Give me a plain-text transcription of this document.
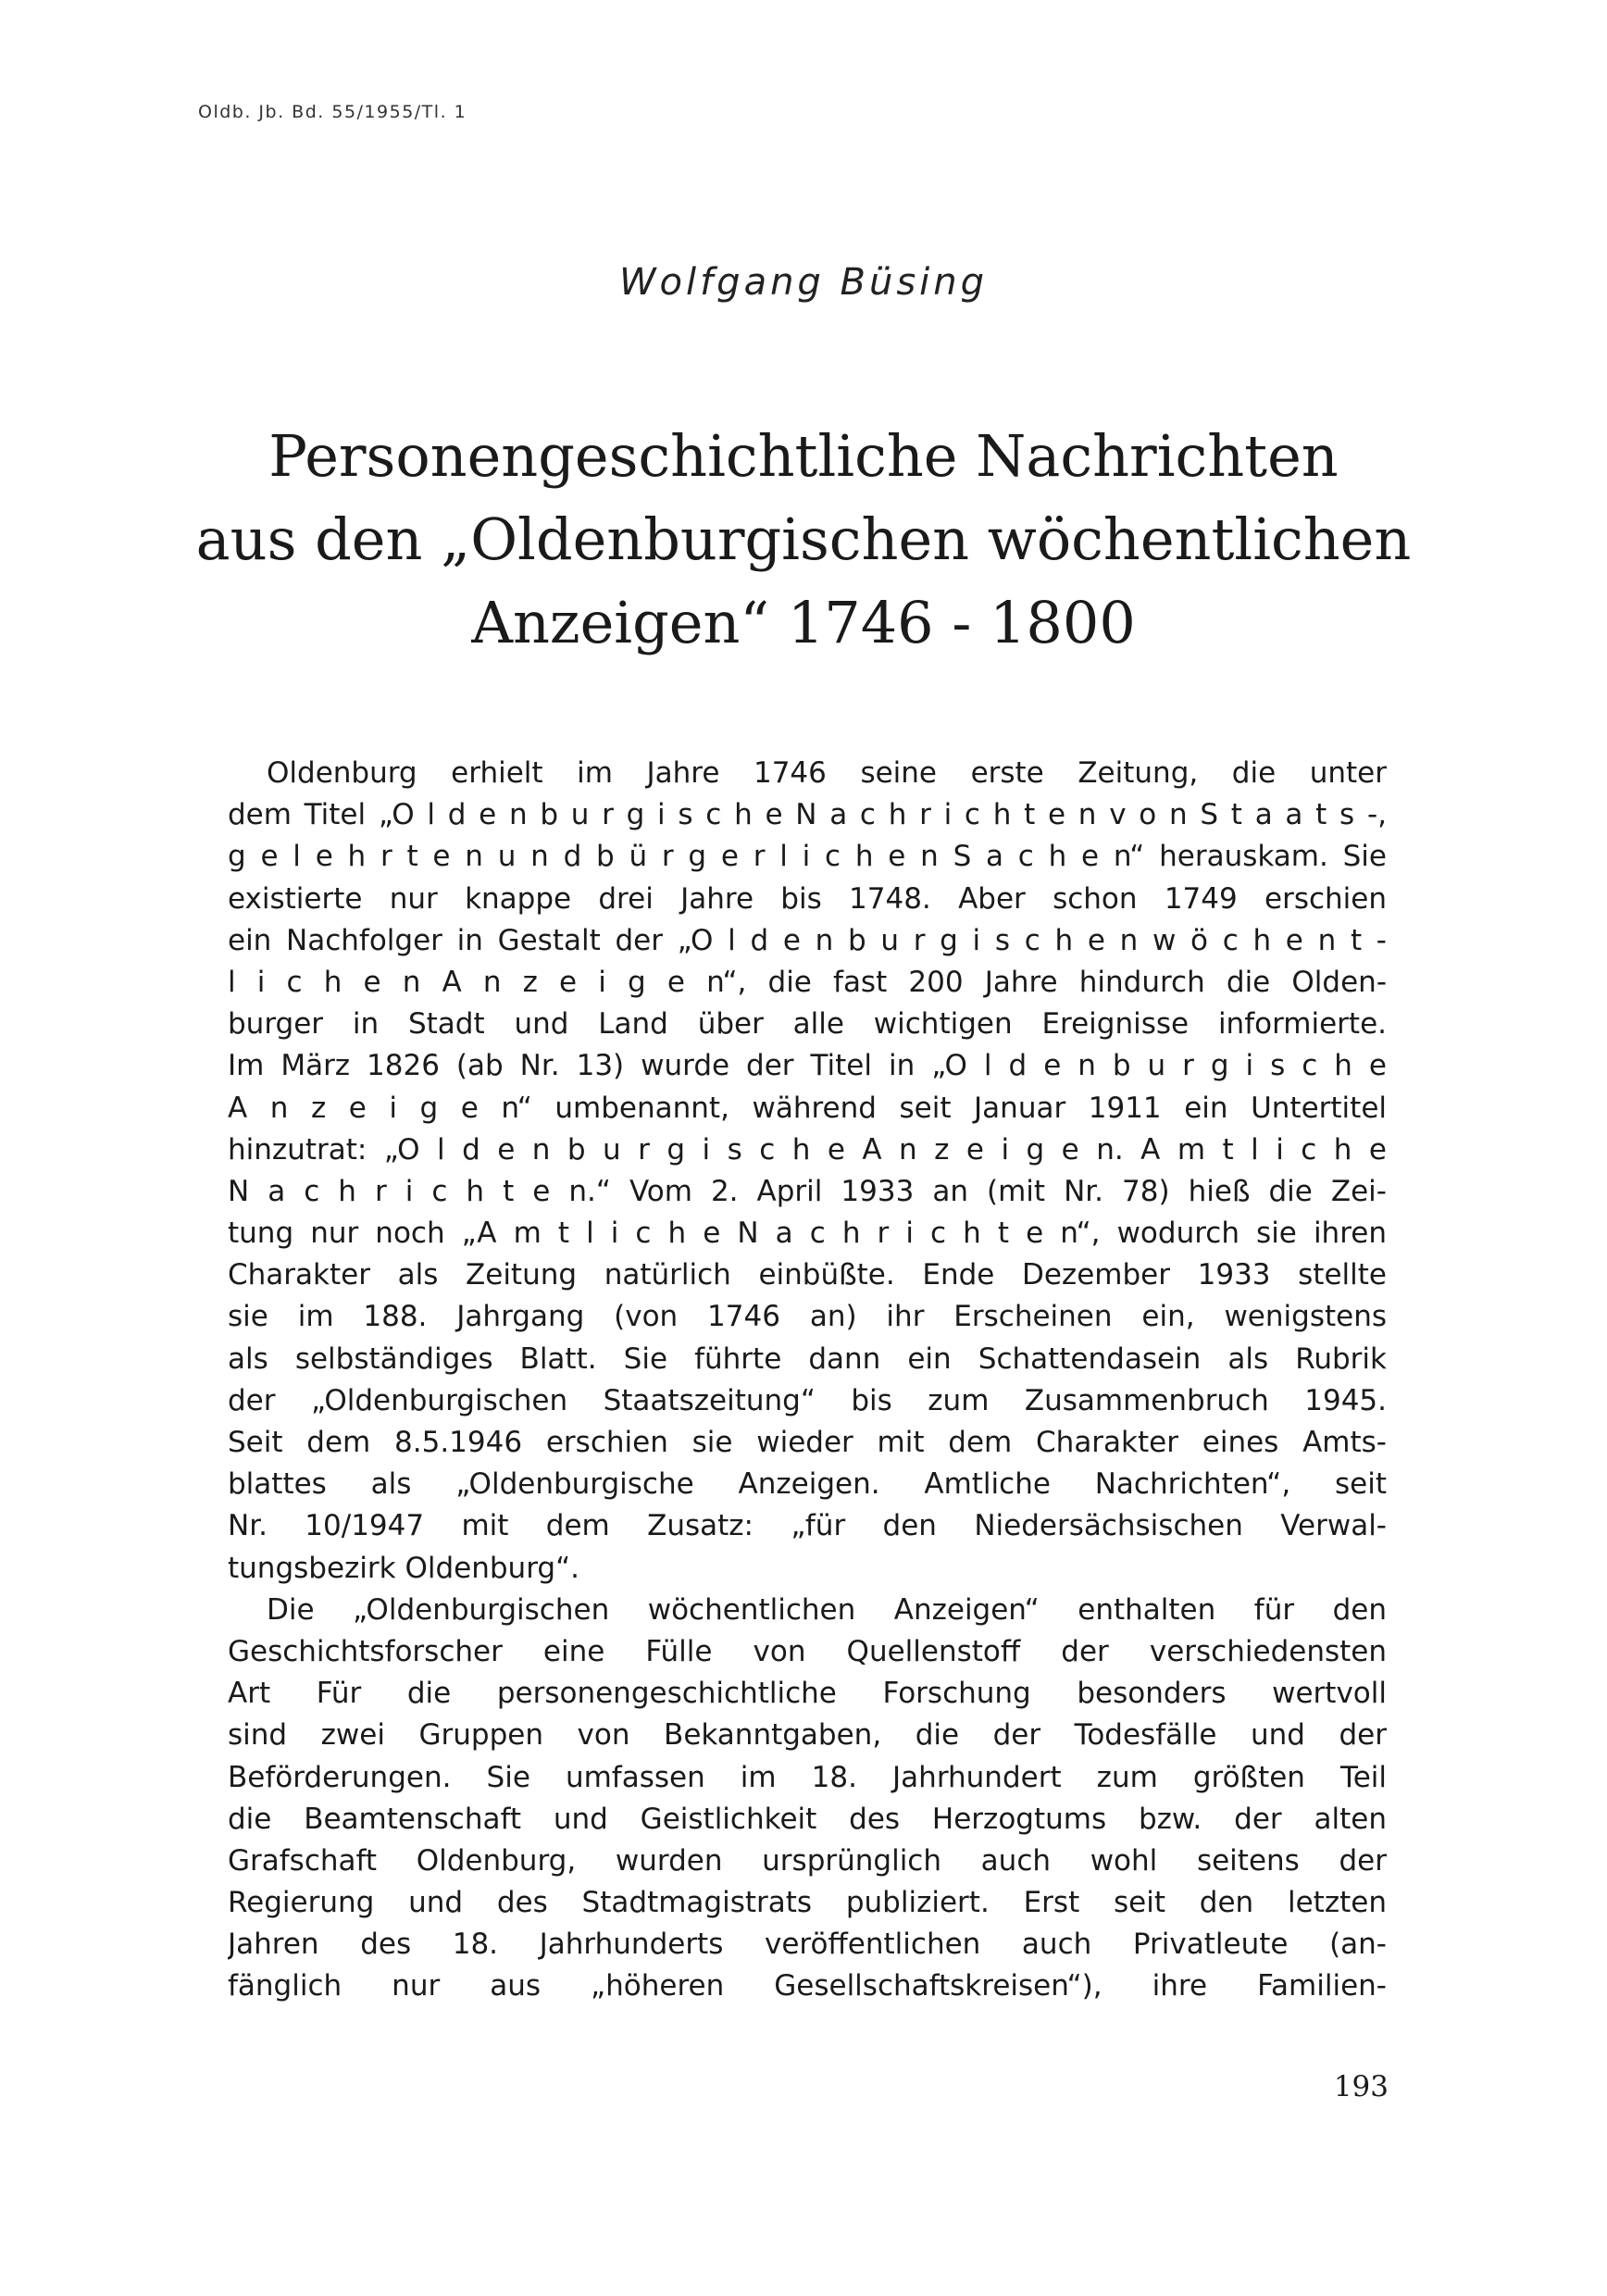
Oldb. Jb. Bd. 55/1955/Tl. 1
Wolfgang Büsing
Personengeschichtliche Nachrichten
aus den „Oldenburgischen wöchentlichen
Anzeigen“ 1746 - 1800
Oldenburg erhielt im Jahre 1746 seine erste Zeitung, die unter
dem Titel „O l d e n b u r g i s c h e N a c h r i c h t e n v o n S t a a t s -,
g e l e h r t e n u n d b ü r g e r l i c h e n S a c h e n“ herauskam. Sie
existierte nur knappe drei Jahre bis 1748. Aber schon 1749 erschien
ein Nachfolger in Gestalt der „O l d e n b u r g i s c h e n w ö c h e n t -
l i c h e n A n z e i g e n“, die fast 200 Jahre hindurch die Olden-
burger in Stadt und Land über alle wichtigen Ereignisse informierte.
Im März 1826 (ab Nr. 13) wurde der Titel in „O l d e n b u r g i s c h e
A n z e i g e n“ umbenannt, während seit Januar 1911 ein Untertitel
hinzutrat: „O l d e n b u r g i s c h e A n z e i g e n. A m t l i c h e
N a c h r i c h t e n.“ Vom 2. April 1933 an (mit Nr. 78) hieß die Zei-
tung nur noch „A m t l i c h e N a c h r i c h t e n“, wodurch sie ihren
Charakter als Zeitung natürlich einbüßte. Ende Dezember 1933 stellte
sie im 188. Jahrgang (von 1746 an) ihr Erscheinen ein, wenigstens
als selbständiges Blatt. Sie führte dann ein Schattendasein als Rubrik
der „Oldenburgischen Staatszeitung“ bis zum Zusammenbruch 1945.
Seit dem 8.5.1946 erschien sie wieder mit dem Charakter eines Amts-
blattes als „Oldenburgische Anzeigen. Amtliche Nachrichten“, seit
Nr. 10/1947 mit dem Zusatz: „für den Niedersächsischen Verwal-
tungsbezirk Oldenburg“.
Die „Oldenburgischen wöchentlichen Anzeigen“ enthalten für den
Geschichtsforscher eine Fülle von Quellenstoff der verschiedensten
Art Für die personengeschichtliche Forschung besonders wertvoll
sind zwei Gruppen von Bekanntgaben, die der Todesfälle und der
Beförderungen. Sie umfassen im 18. Jahrhundert zum größten Teil
die Beamtenschaft und Geistlichkeit des Herzogtums bzw. der alten
Grafschaft Oldenburg, wurden ursprünglich auch wohl seitens der
Regierung und des Stadtmagistrats publiziert. Erst seit den letzten
Jahren des 18. Jahrhunderts veröffentlichen auch Privatleute (an-
fänglich nur aus „höheren Gesellschaftskreisen“), ihre Familien-
193
